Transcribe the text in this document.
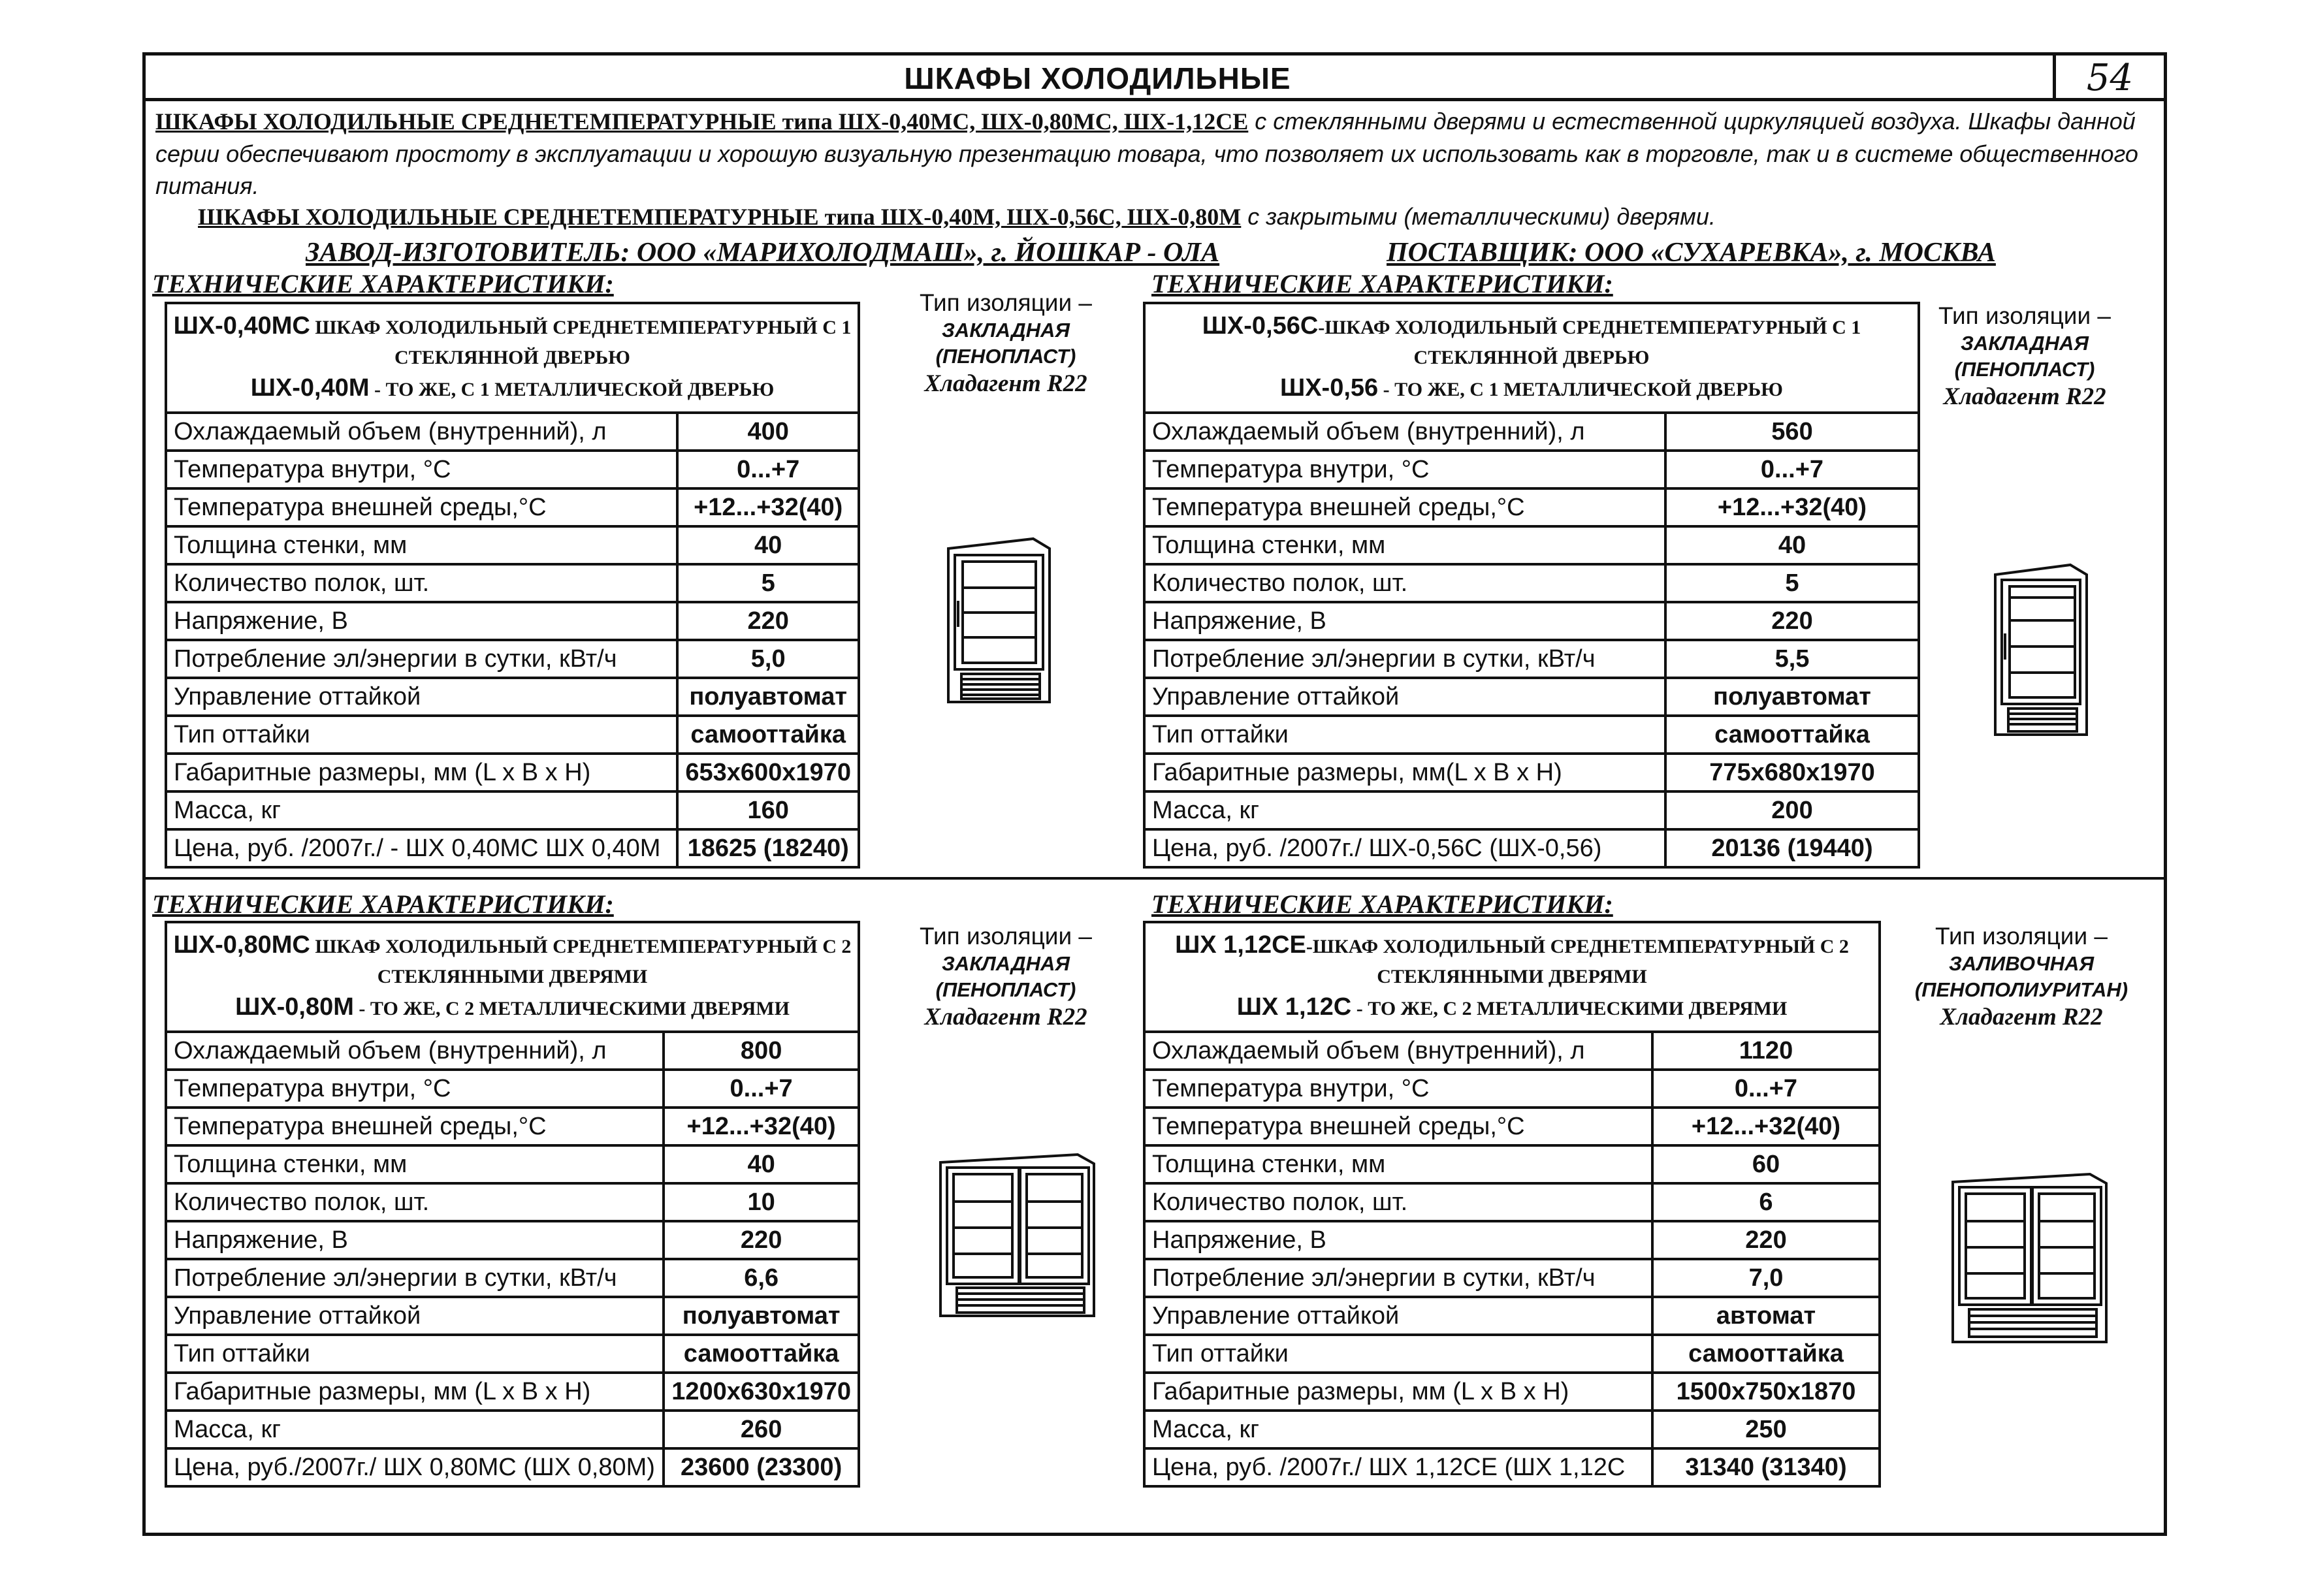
ШКАФЫ ХОЛОДИЛЬНЫЕ	54
ШКАФЫ ХОЛОДИЛЬНЫЕ СРЕДНЕТЕМПЕРАТУРНЫЕ типа ШХ-0,40МС, ШХ-0,80МС, ШХ-1,12СЕ с стеклянными дверями и естественной циркуляцией воздуха. Шкафы данной серии обеспечивают простоту в эксплуатации и хорошую визуальную презентацию товара, что позволяет их использовать как в торговле, так и в системе общественного питания.
ШКАФЫ ХОЛОДИЛЬНЫЕ СРЕДНЕТЕМПЕРАТУРНЫЕ типа ШХ-0,40М, ШХ-0,56С, ШХ-0,80М с закрытыми (металлическими) дверями.
ЗАВОД-ИЗГОТОВИТЕЛЬ: ООО «МАРИХОЛОДМАШ», г. ЙОШКАР - ОЛА	ПОСТАВЩИК: ООО «СУХАРЕВКА», г. МОСКВА
ТЕХНИЧЕСКИЕ ХАРАКТЕРИСТИКИ:	ТЕХНИЧЕСКИЕ ХАРАКТЕРИСТИКИ:
ТЕХНИЧЕСКИЕ ХАРАКТЕРИСТИКИ:	ТЕХНИЧЕСКИЕ ХАРАКТЕРИСТИКИ:
ШХ-0,40МС ШКАФ ХОЛОДИЛЬНЫЙ СРЕДНЕТЕМПЕРАТУРНЫЙ С 1 СТЕКЛЯННОЙ ДВЕРЬЮ
ШХ-0,40М - ТО ЖЕ, С 1 МЕТАЛЛИЧЕСКОЙ ДВЕРЬЮ	
Охлаждаемый объем (внутренний), л	400
Температура внутри, °С	0...+7
Температура внешней среды,°С	+12...+32(40)
Толщина стенки, мм	40
Количество полок, шт.	5
Напряжение, В	220
Потребление эл/энергии в сутки, кВт/ч	5,0
Управление оттайкой	полуавтомат
Тип оттайки	самооттайка
Габаритные размеры, мм (L x B x H)	653x600x1970
Масса, кг	160
Цена, руб. /2007г./ - ШХ 0,40МС ШХ 0,40М	18625 (18240)
Тип изоляции –
ЗАКЛАДНАЯ
(ПЕНОПЛАСТ)
Хладагент R22
ШХ-0,56С-ШКАФ ХОЛОДИЛЬНЫЙ СРЕДНЕТЕМПЕРАТУРНЫЙ С 1 СТЕКЛЯННОЙ ДВЕРЬЮ
ШХ-0,56 - ТО ЖЕ, С 1 МЕТАЛЛИЧЕСКОЙ ДВЕРЬЮ	
Охлаждаемый объем (внутренний), л	560
Температура внутри, °С	0...+7
Температура внешней среды,°С	+12...+32(40)
Толщина стенки, мм	40
Количество полок, шт.	5
Напряжение, В	220
Потребление эл/энергии в сутки, кВт/ч	5,5
Управление оттайкой	полуавтомат
Тип оттайки	самооттайка
Габаритные размеры, мм(L x B x H)	775x680x1970
Масса, кг	200
Цена, руб. /2007г./ ШХ-0,56С (ШХ-0,56)	20136 (19440)
Тип изоляции –
ЗАКЛАДНАЯ
(ПЕНОПЛАСТ)
Хладагент R22
ШХ-0,80МС ШКАФ ХОЛОДИЛЬНЫЙ СРЕДНЕТЕМПЕРАТУРНЫЙ С 2 СТЕКЛЯННЫМИ ДВЕРЯМИ
ШХ-0,80М - ТО ЖЕ, С 2 МЕТАЛЛИЧЕСКИМИ ДВЕРЯМИ	
Охлаждаемый объем (внутренний), л	800
Температура внутри, °С	0...+7
Температура внешней среды,°С	+12...+32(40)
Толщина стенки, мм	40
Количество полок, шт.	10
Напряжение, В	220
Потребление эл/энергии в сутки, кВт/ч	6,6
Управление оттайкой	полуавтомат
Тип оттайки	самооттайка
Габаритные размеры, мм (L x B x H)	1200x630x1970
Масса, кг	260
Цена, руб./2007г./ ШХ 0,80МС (ШХ 0,80М)	23600 (23300)
Тип изоляции –
ЗАКЛАДНАЯ
(ПЕНОПЛАСТ)
Хладагент R22
ШХ 1,12СЕ-ШКАФ ХОЛОДИЛЬНЫЙ СРЕДНЕТЕМПЕРАТУРНЫЙ С 2 СТЕКЛЯННЫМИ ДВЕРЯМИ
ШХ 1,12С - ТО ЖЕ, С 2 МЕТАЛЛИЧЕСКИМИ ДВЕРЯМИ	
Охлаждаемый объем (внутренний), л	1120
Температура внутри, °С	0...+7
Температура внешней среды,°С	+12...+32(40)
Толщина стенки, мм	60
Количество полок, шт.	6
Напряжение, В	220
Потребление эл/энергии в сутки, кВт/ч	7,0
Управление оттайкой	автомат
Тип оттайки	самооттайка
Габаритные размеры, мм (L x B x H)	1500x750x1870
Масса, кг	250
Цена, руб. /2007г./ ШХ 1,12СЕ (ШХ 1,12С	31340 (31340)
Тип изоляции –
ЗАЛИВОЧНАЯ
(ПЕНОПОЛИУРИТАН)
Хладагент R22
